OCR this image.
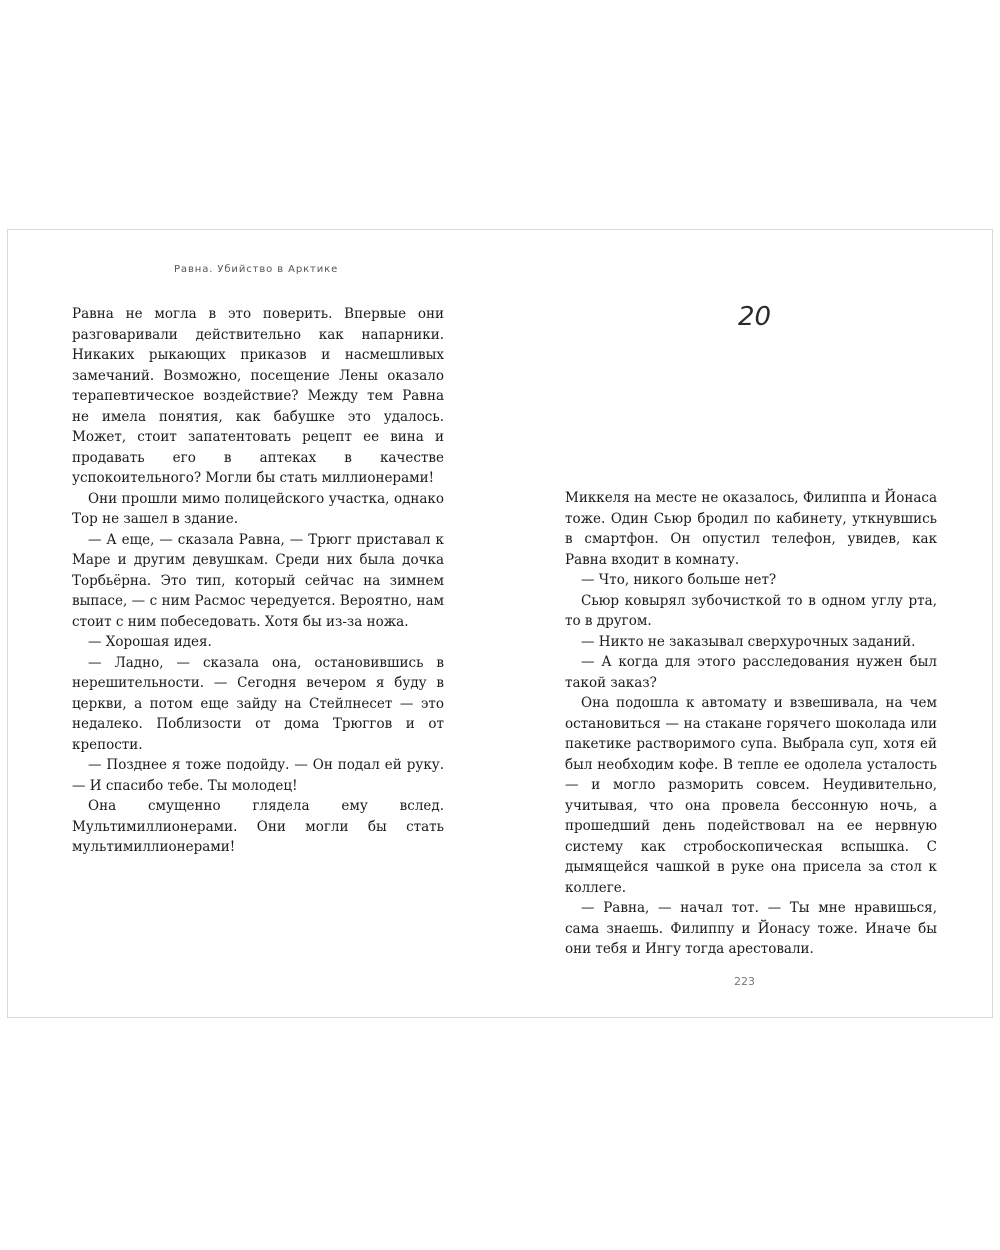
Равна. Убийство в Арктике

Равна не могла в это поверить. Впервые они разговаривали действительно как напарники. Никаких рыкающих приказов и насмешливых замечаний. Возможно, посещение Лены оказало терапевтическое воздействие? Между тем Равна не имела понятия, как бабушке это удалось. Может, стоит запатентовать рецепт ее вина и продавать его в аптеках в качестве успокоительного? Могли бы стать миллионерами!

Они прошли мимо полицейского участка, однако Тор не зашел в здание.

— А еще, — сказала Равна, — Трюгг приставал к Маре и другим девушкам. Среди них была дочка Торбьёрна. Это тип, который сейчас на зимнем выпасе, — с ним Расмос чередуется. Вероятно, нам стоит с ним побеседовать. Хотя бы из-за ножа.

— Хорошая идея.

— Ладно, — сказала она, остановившись в нерешительности. — Сегодня вечером я буду в церкви, а потом еще зайду на Стейлнесет — это недалеко. Поблизости от дома Трюггов и от крепости.

— Позднее я тоже подойду. — Он подал ей руку. — И спасибо тебе. Ты молодец!

Она смущенно глядела ему вслед. Мультимиллионерами. Они могли бы стать мультимиллионерами!

20

Миккеля на месте не оказалось, Филиппа и Йонаса тоже. Один Сьюр бродил по кабинету, уткнувшись в смартфон. Он опустил телефон, увидев, как Равна входит в комнату.

— Что, никого больше нет?

Сьюр ковырял зубочисткой то в одном углу рта, то в другом.

— Никто не заказывал сверхурочных заданий.

— А когда для этого расследования нужен был такой заказ?

Она подошла к автомату и взвешивала, на чем остановиться — на стакане горячего шоколада или пакетике растворимого супа. Выбрала суп, хотя ей был необходим кофе. В тепле ее одолела усталость — и могло разморить совсем. Неудивительно, учитывая, что она провела бессонную ночь, а прошедший день подействовал на ее нервную систему как стробоскопическая вспышка. С дымящейся чашкой в руке она присела за стол к коллеге.

— Равна, — начал тот. — Ты мне нравишься, сама знаешь. Филиппу и Йонасу тоже. Иначе бы они тебя и Ингу тогда арестовали.

223
